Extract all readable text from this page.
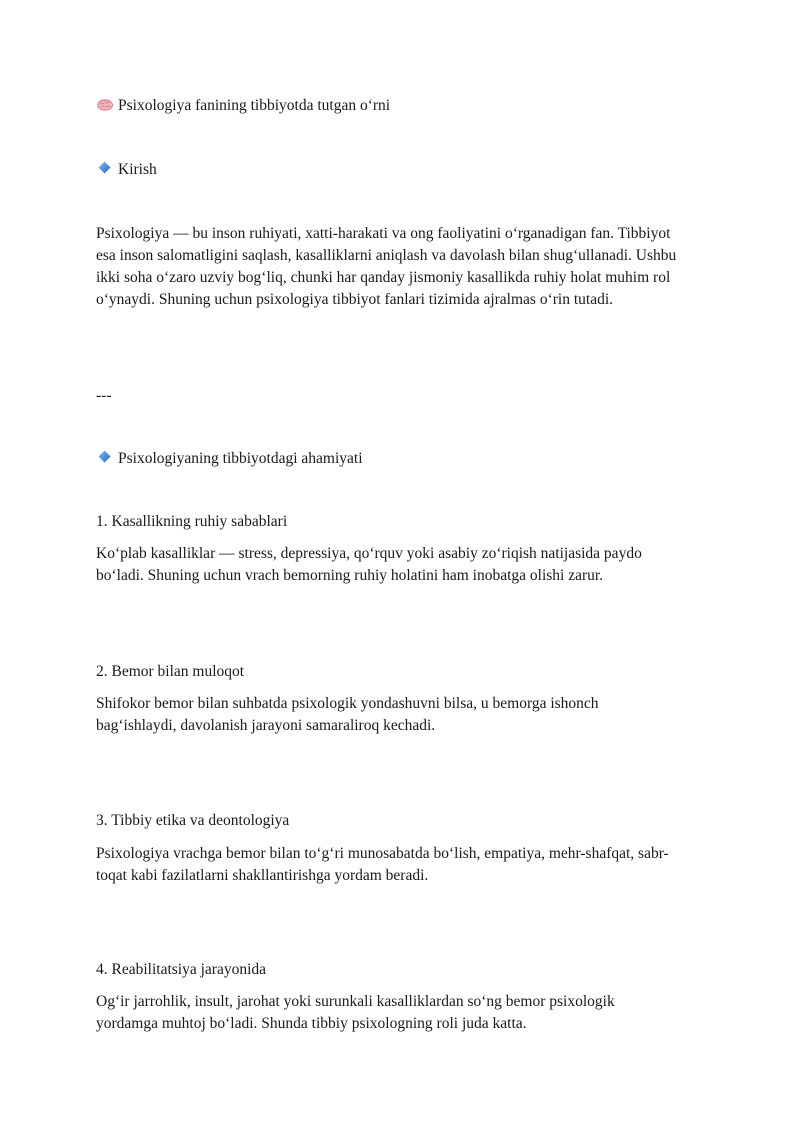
Psixologiya fanining tibbiyotda tutgan o‘rni
Kirish

Psixologiya — bu inson ruhiyati, xatti-harakati va ong faoliyatini o‘rganadigan fan. Tibbiyot

esa inson salomatligini saqlash, kasalliklarni aniqlash va davolash bilan shug‘ullanadi. Ushbu

ikki soha o‘zaro uzviy bog‘liq, chunki har qanday jismoniy kasallikda ruhiy holat muhim rol

o‘ynaydi. Shuning uchun psixologiya tibbiyot fanlari tizimida ajralmas o‘rin tutadi.

---
Psixologiyaning tibbiyotdagi ahamiyati
1. Kasallikning ruhiy sabablari

Ko‘plab kasalliklar — stress, depressiya, qo‘rquv yoki asabiy zo‘riqish natijasida paydo

bo‘ladi. Shuning uchun vrach bemorning ruhiy holatini ham inobatga olishi zarur.

2. Bemor bilan muloqot

Shifokor bemor bilan suhbatda psixologik yondashuvni bilsa, u bemorga ishonch

bag‘ishlaydi, davolanish jarayoni samaraliroq kechadi.

3. Tibbiy etika va deontologiya

Psixologiya vrachga bemor bilan to‘g‘ri munosabatda bo‘lish, empatiya, mehr-shafqat, sabr-

toqat kabi fazilatlarni shakllantirishga yordam beradi.

4. Reabilitatsiya jarayonida

Og‘ir jarrohlik, insult, jarohat yoki surunkali kasalliklardan so‘ng bemor psixologik

yordamga muhtoj bo‘ladi. Shunda tibbiy psixologning roli juda katta.
